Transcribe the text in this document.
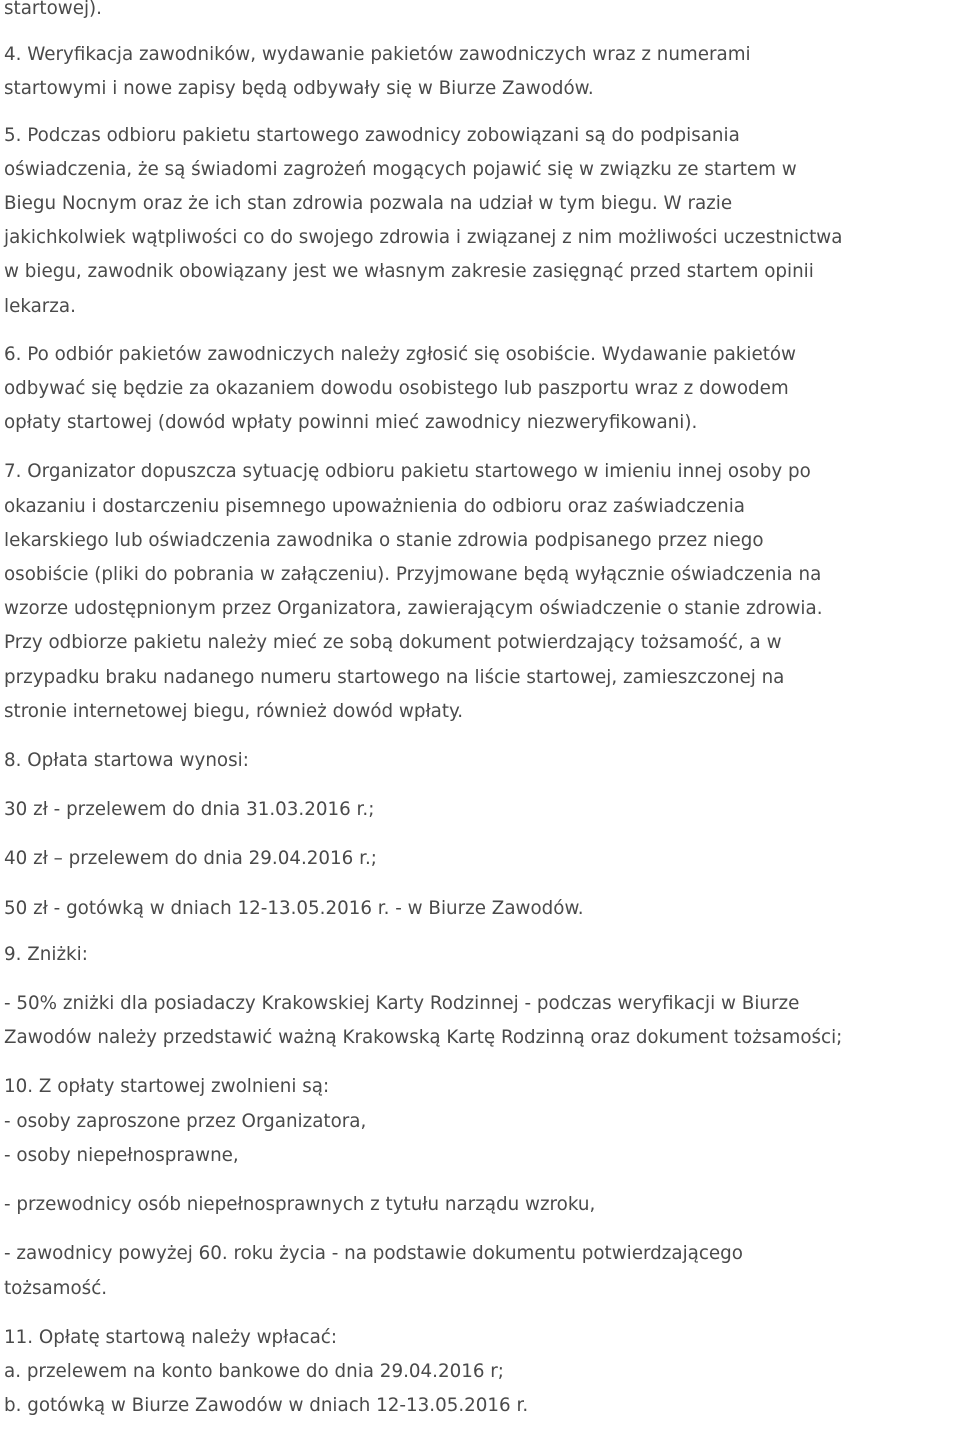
startowej).

4. Weryfikacja zawodników, wydawanie pakietów zawodniczych wraz z numerami

startowymi i nowe zapisy będą odbywały się w Biurze Zawodów.

5. Podczas odbioru pakietu startowego zawodnicy zobowiązani są do podpisania

oświadczenia, że są świadomi zagrożeń mogących pojawić się w związku ze startem w

Biegu Nocnym oraz że ich stan zdrowia pozwala na udział w tym biegu. W razie

jakichkolwiek wątpliwości co do swojego zdrowia i związanej z nim możliwości uczestnictwa

w biegu, zawodnik obowiązany jest we własnym zakresie zasięgnąć przed startem opinii

lekarza.

6. Po odbiór pakietów zawodniczych należy zgłosić się osobiście. Wydawanie pakietów

odbywać się będzie za okazaniem dowodu osobistego lub paszportu wraz z dowodem

opłaty startowej (dowód wpłaty powinni mieć zawodnicy niezweryfikowani).

7. Organizator dopuszcza sytuację odbioru pakietu startowego w imieniu innej osoby po

okazaniu i dostarczeniu pisemnego upoważnienia do odbioru oraz zaświadczenia

lekarskiego lub oświadczenia zawodnika o stanie zdrowia podpisanego przez niego

osobiście (pliki do pobrania w załączeniu). Przyjmowane będą wyłącznie oświadczenia na

wzorze udostępnionym przez Organizatora, zawierającym oświadczenie o stanie zdrowia.

Przy odbiorze pakietu należy mieć ze sobą dokument potwierdzający tożsamość, a w

przypadku braku nadanego numeru startowego na liście startowej, zamieszczonej na

stronie internetowej biegu, również dowód wpłaty.

8. Opłata startowa wynosi:

30 zł - przelewem do dnia 31.03.2016 r.;

40 zł – przelewem do dnia 29.04.2016 r.;

50 zł - gotówką w dniach 12-13.05.2016 r. - w Biurze Zawodów.

9. Zniżki:

- 50% zniżki dla posiadaczy Krakowskiej Karty Rodzinnej - podczas weryfikacji w Biurze

Zawodów należy przedstawić ważną Krakowską Kartę Rodzinną oraz dokument tożsamości;

10. Z opłaty startowej zwolnieni są:

- osoby zaproszone przez Organizatora,

- osoby niepełnosprawne,

- przewodnicy osób niepełnosprawnych z tytułu narządu wzroku,

- zawodnicy powyżej 60. roku życia - na podstawie dokumentu potwierdzającego

tożsamość.

11. Opłatę startową należy wpłacać:

a. przelewem na konto bankowe do dnia 29.04.2016 r;

b. gotówką w Biurze Zawodów w dniach 12-13.05.2016 r.
